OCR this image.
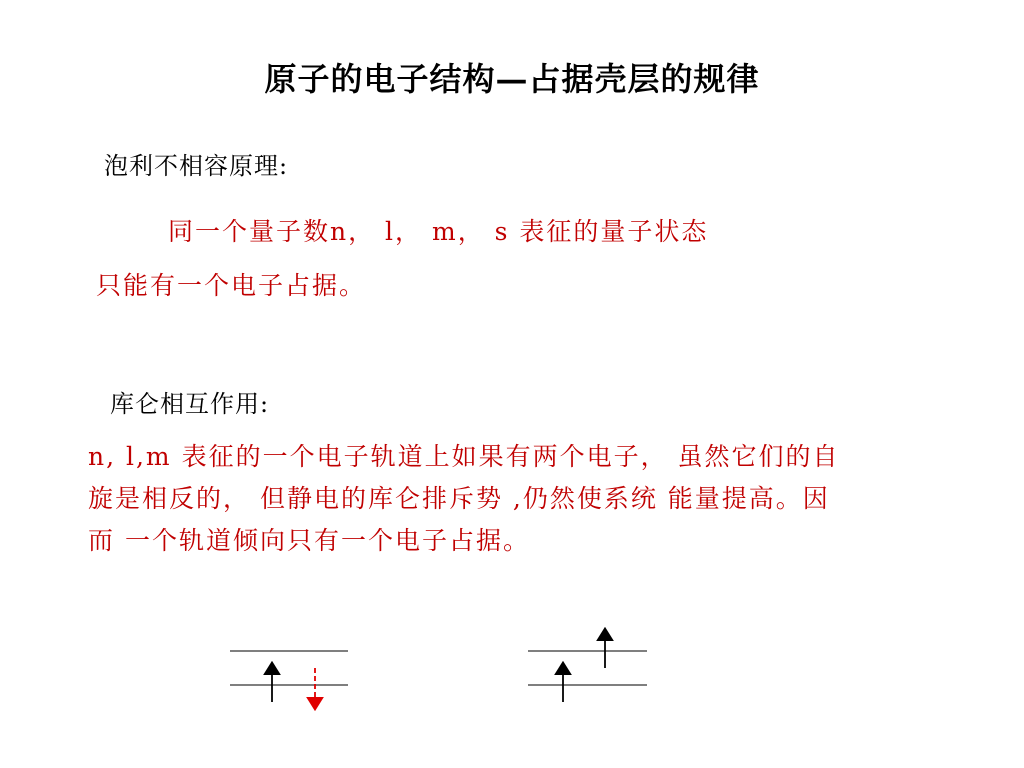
原子的电子结构—占据壳层的规律
泡利不相容原理:
同一个量子数n， l， m， s 表征的量子状态
只能有一个电子占据。
库仑相互作用:

n, l,m 表征的一个电子轨道上如果有两个电子， 虽然它们的自旋是相反的， 但静电的库仑排斥势 ,仍然使系统 能量提高。因而 一个轨道倾向只有一个电子占据。
